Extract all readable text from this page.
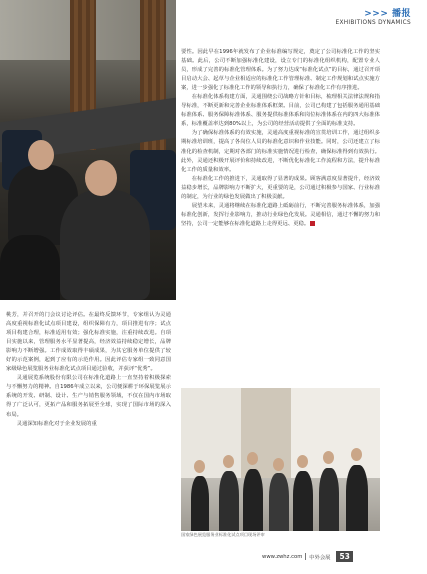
>>> 播报
EXHIBITIONS DYNAMICS

要性。因此早在1996年就发布了企业标准编写规定，奠定了公司标准化工作的坚实基础。此后，公司不断加强标准化建设，设立专门的标准化组织机构，配置专业人员，形成了完善的标准化管理体系。为了努力达成“标准化试点”的目标，通过召开项目启动大会、起草与企业相适应的标准化工作管理标准、制定工作规划和试点实施方案，进一步强化了标准化工作的领导和执行力，确保了标准化工作有序推进。

在标准化体系构建方面，灵通围绕公司战略方针和目标，梳理相关法律法规和指导标准，不断更新和完善企业标准体系框架。目前，公司已构建了包括服务通用基础标准体系、服务保障标准体系、服务提供标准体系和岗位标准体系在内的四大标准体系，标准覆盖率达到80%以上，为公司的经营活动提供了全面的标准支持。

为了确保标准体系的有效实施，灵通高度重视标准的宣贯培训工作，通过组织多期标准培训班，提高了各岗位人员的标准化意识和作业技能。同时，公司还建立了标准化的检查机制，定期对各部门的标准实施情况进行检查，确保标准得到有效执行。此外，灵通还积极开展评价和持续改进，不断优化标准化工作流程和方法，提升标准化工作的质量和效率。

在标准化工作的推进下，灵通取得了显著的成果。顾客满意度显著提升，经济效益稳步增长，品牌影响力不断扩大，更重要的是，公司通过积极参与国家、行业标准的制定，为行业的绿色发展做出了积极贡献。

展望未来，灵通将继续在标准化道路上砥砺前行，不断完善服务标准体系，加强标准化创新，发挥行业影响力，推动行业绿色化发展。灵通相信，通过不懈的努力和坚持，公司一定能够在标准化道路上走得更远、更稳。

桃芳，并召开的门会议讨论评估。在最终反馈环节，专家组认为灵通高度重视标准化试点项目建设，组织保障有力，项目推进有序；试点项目构建合理，标准适用有效；强化标准实施，注重持续改进。自项目实施以来，管理服务水平显著提高，经济效益持续稳定增长，品牌影响力不断增强。工作成效取得丰硕成果，为其它服务单位提供了较好的示范案例，起到了应有的示范作用。因此评估专家组一致同意国家级绿色展览服务业标准化试点项目通过验收，并获评“优秀”。

灵通展览系统股份有限公司在标准化道路上一直坚持着积极探索与不懈努力的精神。自1986年成立以来，公司便深耕于环保展览展示系统的开发、研制、设计、生产与销售服务领域，不仅在国内市场取得了广泛认可，更拓产品和服务拓展至全球，实现了国际市场的深入布局。

灵通深知标准化对于企业发展的重

国家绿色展览服务业标准化试点项目现场评审
www.zwhz.com 中外会展	53
